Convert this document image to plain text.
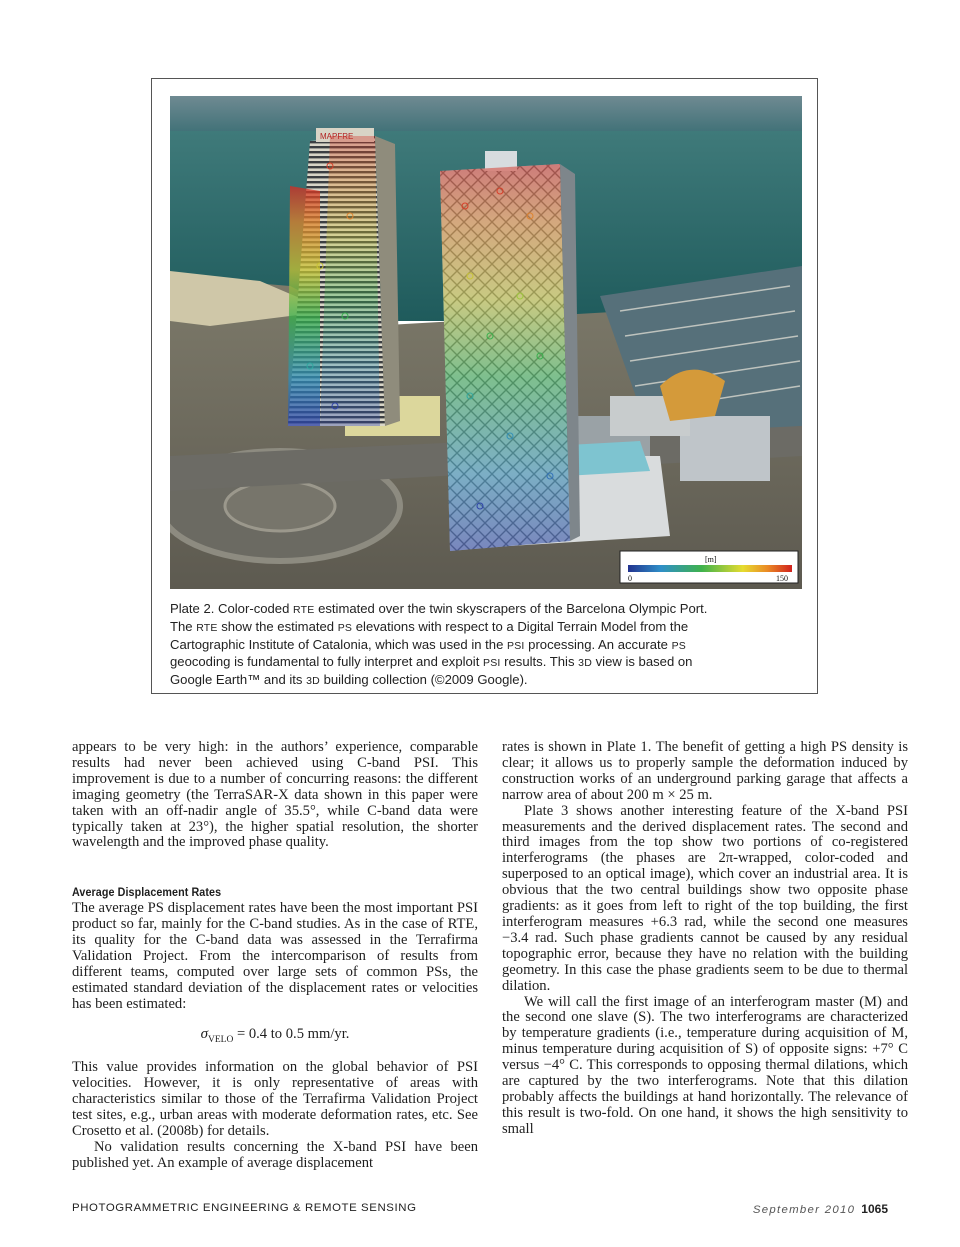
MAPFRE
[m]
0	150

Plate 2. Color-coded RTE estimated over the twin skyscrapers of the Barcelona Olympic Port.

The RTE show the estimated PS elevations with respect to a Digital Terrain Model from the

Cartographic Institute of Catalonia, which was used in the PSI processing. An accurate PS

geocoding is fundamental to fully interpret and exploit PSI results. This 3D view is based on

Google Earth™ and its 3D building collection (©2009 Google).

appears to be very high: in the authors’ experience, comparable results had never been achieved using C-band PSI. This improvement is due to a number of concurring reasons: the different imaging geometry (the TerraSAR-X data shown in this paper were taken with an off-nadir angle of 35.5°, while C-band data were typically taken at 23°), the higher spatial resolution, the shorter wavelength and the improved phase quality.

Average Displacement Rates

The average PS displacement rates have been the most important PSI product so far, mainly for the C-band studies. As in the case of RTE, its quality for the C-band data was assessed in the Terrafirma Validation Project. From the intercomparison of results from different teams, computed over large sets of common PSs, the estimated standard deviation of the displacement rates or velocities has been estimated:

$\sigma_{VELO} = 0.4$ to 0.5 mm/yr.

This value provides information on the global behavior of PSI velocities. However, it is only representative of areas with characteristics similar to those of the Terrafirma Validation Project test sites, e.g., urban areas with moderate deformation rates, etc. See Crosetto et al. (2008b) for details.

No validation results concerning the X-band PSI have been published yet. An example of average displacement

rates is shown in Plate 1. The benefit of getting a high PS density is clear; it allows us to properly sample the deformation induced by construction works of an underground parking garage that affects a narrow area of about 200 m × 25 m.

Plate 3 shows another interesting feature of the X-band PSI measurements and the derived displacement rates. The second and third images from the top show two portions of co-registered interferograms (the phases are 2π-wrapped, color-coded and superposed to an optical image), which cover an industrial area. It is obvious that the two central buildings show two opposite phase gradients: as it goes from left to right of the top building, the first interferogram measures +6.3 rad, while the second one measures −3.4 rad. Such phase gradients cannot be caused by any residual topographic error, because they have no relation with the building geometry. In this case the phase gradients seem to be due to thermal dilation.

We will call the first image of an interferogram master (M) and the second one slave (S). The two interferograms are characterized by temperature gradients (i.e., temperature during acquisition of M, minus temperature during acquisition of S) of opposite signs: +7° C versus −4° C. This corresponds to opposing thermal dilations, which are captured by the two interferograms. Note that this dilation probably affects the buildings at hand horizontally. The relevance of this result is two-fold. On one hand, it shows the high sensitivity to small

PHOTOGRAMMETRIC ENGINEERING & REMOTE SENSING	September 2010 1065
